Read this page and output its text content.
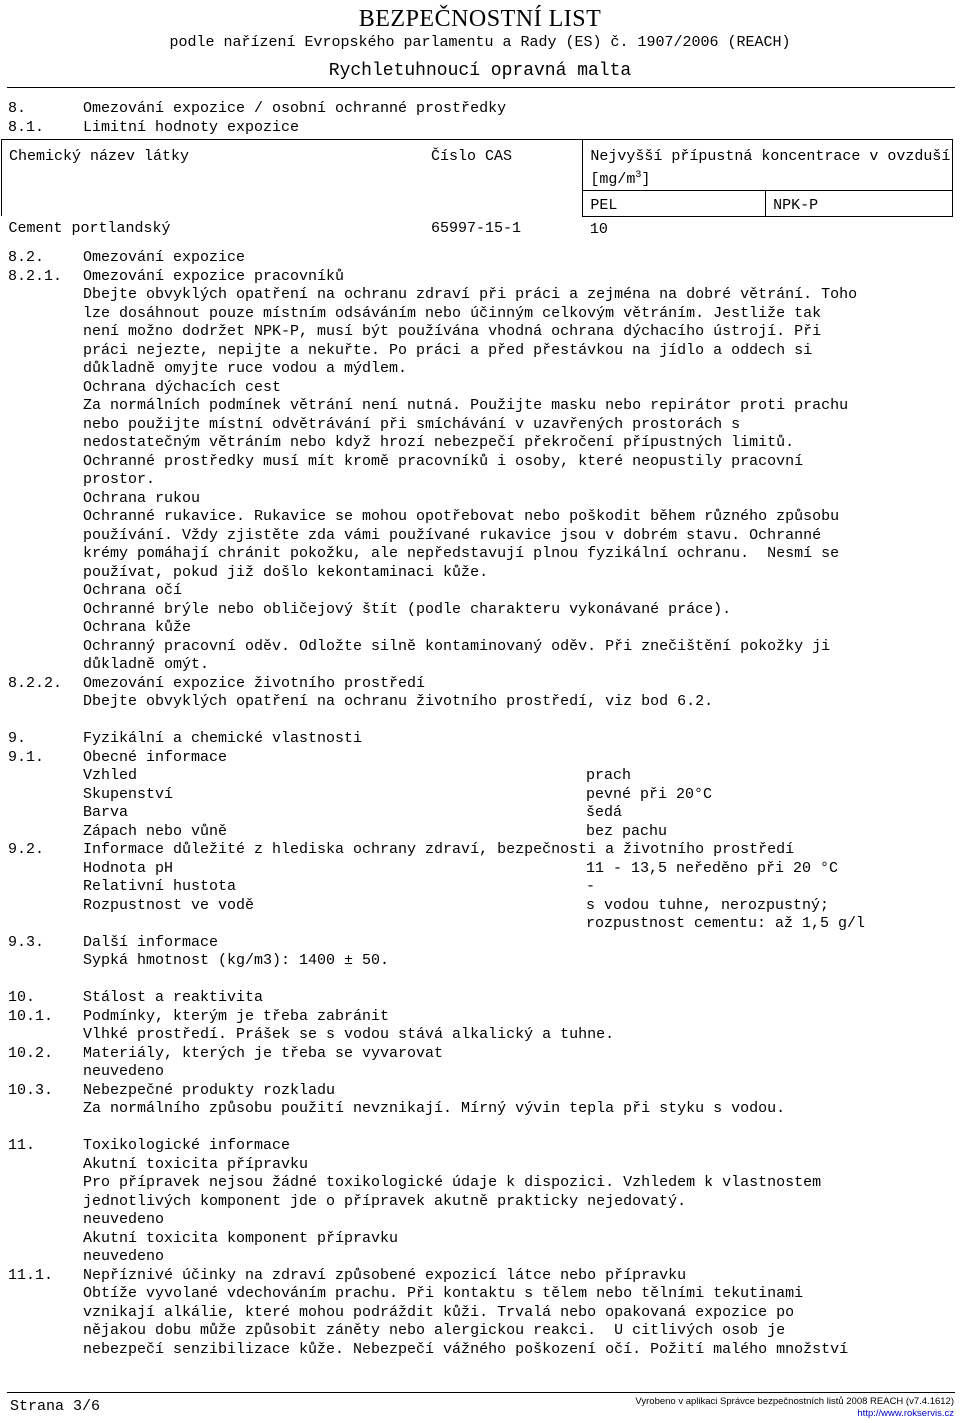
BEZPEČNOSTNÍ LIST
podle nařízení Evropského parlamentu a Rady (ES) č. 1907/2006 (REACH)
Rychletuhnoucí opravná malta
8.	Omezování expozice / osobní ochranné prostředky
8.1.	Limitní hodnoty expozice
Chemický název látky	Číslo CAS	Nejvyšší přípustná koncentrace v ovzduší $[mg/m^3]$	
		PEL	NPK-P
Cement portlandský	65997-15-1	10	
8.2.	Omezování expozice
8.2.1. Omezování expozice pracovníků
Dbejte obvyklých opatření na ochranu zdraví při práci a zejména na dobré větrání. Toho
lze dosáhnout pouze místním odsáváním nebo účinným celkovým větráním. Jestliže tak
není možno dodržet NPK-P, musí být používána vhodná ochrana dýchacího ústrojí. Při
práci nejezte, nepijte a nekuřte. Po práci a před přestávkou na jídlo a oddech si
důkladně omyjte ruce vodou a mýdlem.
Ochrana dýchacích cest
Za normálních podmínek větrání není nutná. Použijte masku nebo repirátor proti prachu
nebo použijte místní odvětrávání při smíchávání v uzavřených prostorách s
nedostatečným větráním nebo když hrozí nebezpečí překročení přípustných limitů.
Ochranné prostředky musí mít kromě pracovníků i osoby, které neopustily pracovní
prostor.
Ochrana rukou
Ochranné rukavice. Rukavice se mohou opotřebovat nebo poškodit během různého způsobu
používání. Vždy zjistěte zda vámi používané rukavice jsou v dobrém stavu. Ochranné
krémy pomáhají chránit pokožku, ale nepředstavují plnou fyzikální ochranu.  Nesmí se
používat, pokud již došlo kekontaminaci kůže.
Ochrana očí
Ochranné brýle nebo obličejový štít (podle charakteru vykonávané práce).
Ochrana kůže
Ochranný pracovní oděv. Odložte silně kontaminovaný oděv. Při znečištění pokožky ji
důkladně omýt.
8.2.2. Omezování expozice životního prostředí
Dbejte obvyklých opatření na ochranu životního prostředí, viz bod 6.2.
9.	Fyzikální a chemické vlastnosti
9.1.	Obecné informace
Vzhled	prach
Skupenství	pevné při 20°C
Barva	šedá
Zápach nebo vůně	bez pachu
9.2.	Informace důležité z hlediska ochrany zdraví, bezpečnosti a životního prostředí
Hodnota pH	11 - 13,5 neředěno při 20 °C
Relativní hustota	-
Rozpustnost ve vodě	s vodou tuhne, nerozpustný;
rozpustnost cementu: až 1,5 g/l
9.3.	Další informace
Sypká hmotnost (kg/m3): 1400 ± 50.
10.	Stálost a reaktivita
10.1. Podmínky, kterým je třeba zabránit
Vlhké prostředí. Prášek se s vodou stává alkalický a tuhne.
10.2. Materiály, kterých je třeba se vyvarovat
neuvedeno
10.3. Nebezpečné produkty rozkladu
Za normálního způsobu použití nevznikají. Mírný vývin tepla při styku s vodou.
11.	Toxikologické informace
Akutní toxicita přípravku
Pro přípravek nejsou žádné toxikologické údaje k dispozici. Vzhledem k vlastnostem
jednotlivých komponent jde o přípravek akutně prakticky nejedovatý.
neuvedeno
Akutní toxicita komponent přípravku
neuvedeno
11.1. Nepříznivé účinky na zdraví způsobené expozicí látce nebo přípravku
Obtíže vyvolané vdechováním prachu. Při kontaktu s tělem nebo tělními tekutinami
vznikají alkálie, které mohou podráždit kůži. Trvalá nebo opakovaná expozice po
nějakou dobu může způsobit záněty nebo alergickou reakci.  U citlivých osob je
nebezpečí senzibilizace kůže. Nebezpečí vážného poškození očí. Požití malého množství
Strana 3/6	Vyrobeno v aplikaci Správce bezpečnostních listů 2008 REACH (v7.4.1612)
http://www.rokservis.cz
